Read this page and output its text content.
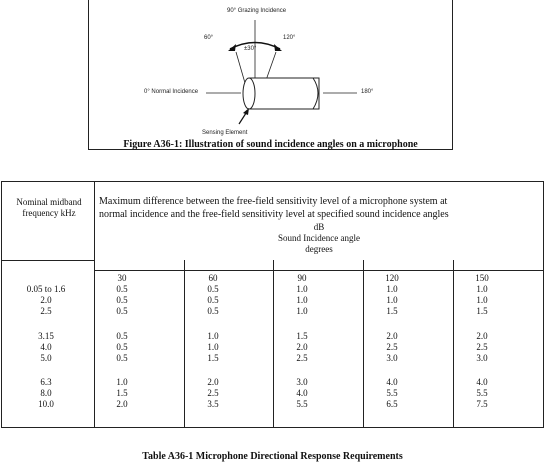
90° Grazing Incidence
60°	120°
±30°
0° Normal Incidence	180°
Sensing Element
Figure A36-1: Illustration of sound incidence angles on a microphone
Nominal midband
frequency kHz
Maximum difference between the free-field sensitivity level of a microphone system at
normal incidence and the free-field sensitivity level at specified sound incidence angles
dB
Sound Incidence angle
degrees
30	60	90	120	150
0.05 to 1.6	0.5	0.5	1.0	1.0	1.0
2.0	0.5	0.5	1.0	1.0	1.0
2.5	0.5	0.5	1.0	1.5	1.5
3.15	0.5	1.0	1.5	2.0	2.0
4.0	0.5	1.0	2.0	2.5	2.5
5.0	0.5	1.5	2.5	3.0	3.0
6.3	1.0	2.0	3.0	4.0	4.0
8.0	1.5	2.5	4.0	5.5	5.5
10.0	2.0	3.5	5.5	6.5	7.5
Table A36-1 Microphone Directional Response Requirements
